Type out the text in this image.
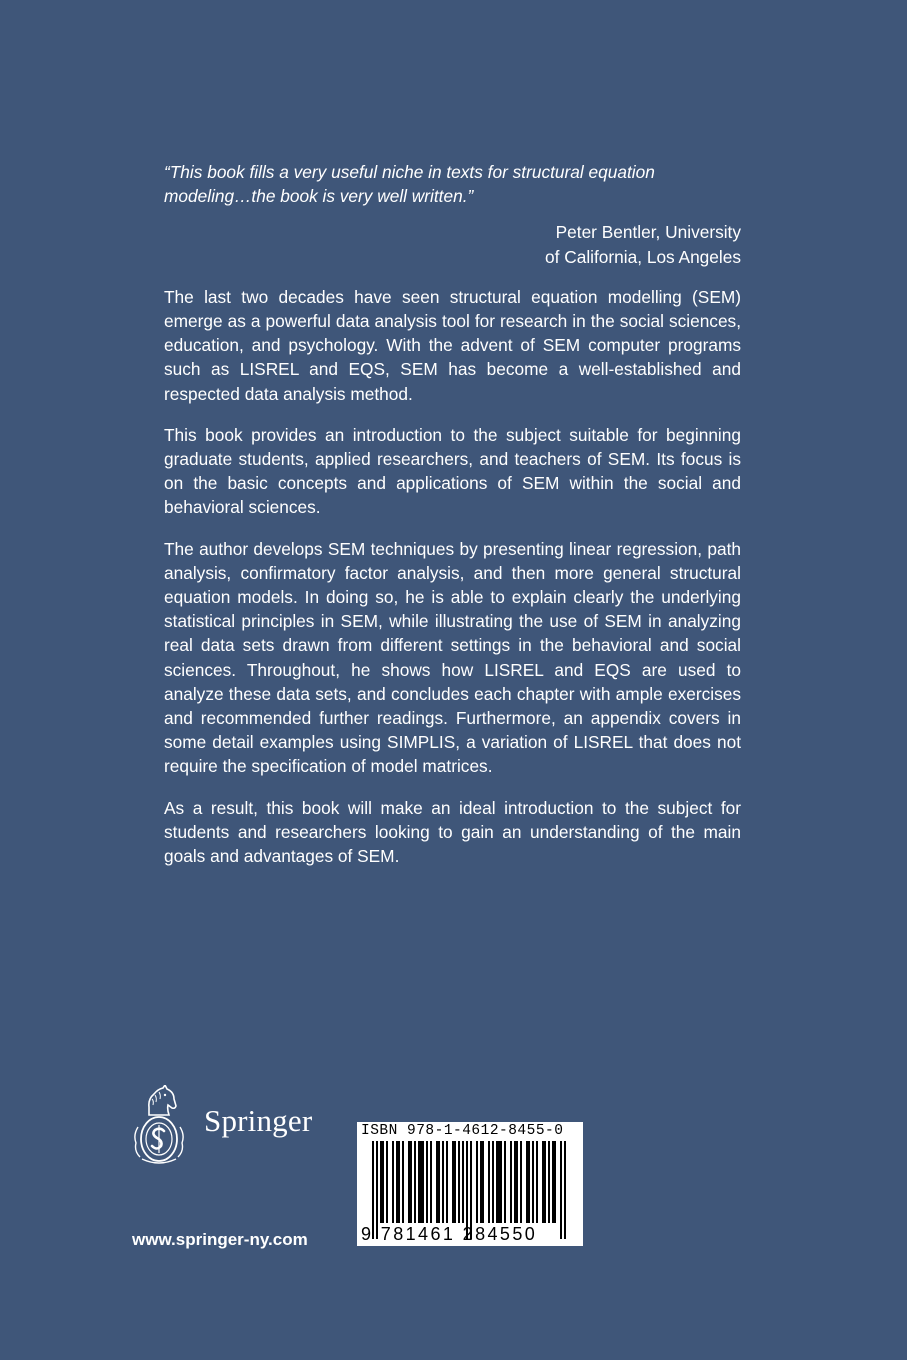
“This book fills a very useful niche in texts for structural equation modeling…the book is very well written.”

Peter Bentler, University
of California, Los Angeles

The last two decades have seen structural equation modelling (SEM) emerge as a powerful data analysis tool for research in the social sciences, education, and psychology. With the advent of SEM computer programs such as LISREL and EQS, SEM has become a well-established and respected data analysis method.

This book provides an introduction to the subject suitable for beginning graduate students, applied researchers, and teachers of SEM. Its focus is on the basic concepts and applications of SEM within the social and behavioral sciences.

The author develops SEM techniques by presenting linear regression, path analysis, confirmatory factor analysis, and then more general structural equation models. In doing so, he is able to explain clearly the underlying statistical principles in SEM, while illustrating the use of SEM in analyzing real data sets drawn from different settings in the behavioral and social sciences. Throughout, he shows how LISREL and EQS are used to analyze these data sets, and concludes each chapter with ample exercises and recommended further readings. Furthermore, an appendix covers in some detail examples using SIMPLIS, a variation of LISREL that does not require the specification of model matrices.

As a result, this book will make an ideal introduction to the subject for students and researchers looking to gain an understanding of the main goals and advantages of SEM.

Springer
www.springer-ny.com
ISBN 978-1-4612-8455-0
9 781461 284550
